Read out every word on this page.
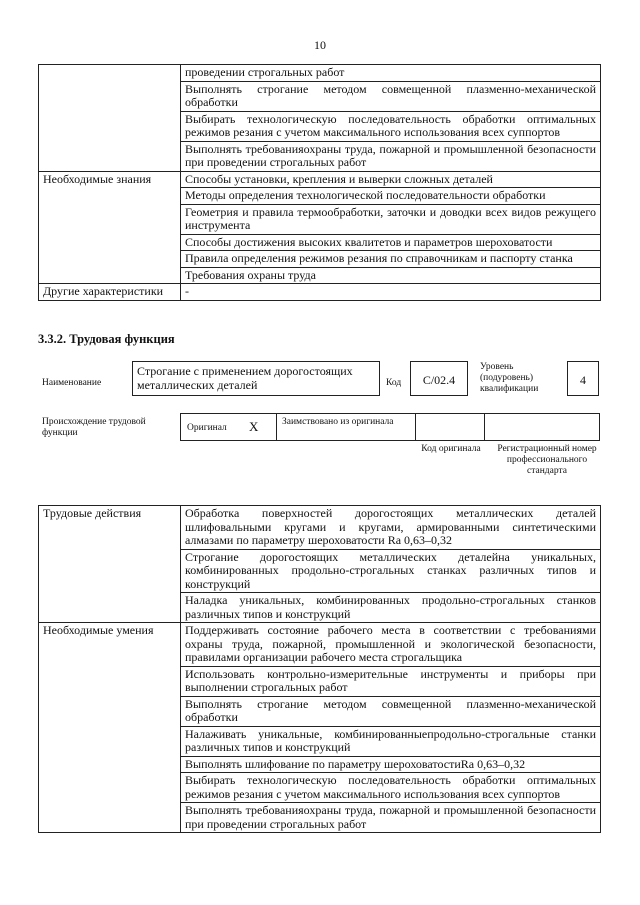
10
	проведении строгальных работ
	Выполнять строгание методом совмещенной плазменно-механической обработки
	Выбирать технологическую последовательность обработки оптимальных режимов резания с учетом максимального использования всех суппортов
	Выполнять требованияохраны труда, пожарной и промышленной безопасности при проведении строгальных работ
Необходимые знания	Способы установки, крепления и выверки сложных деталей
	Методы определения технологической последовательности обработки
	Геометрия и правила термообработки, заточки и доводки всех видов режущего инструмента
	Способы достижения высоких квалитетов и параметров шероховатости
	Правила определения режимов резания по справочникам и паспорту станка
	Требования охраны труда
Другие характеристики	-
3.3.2. Трудовая функция
Наименование
Строгание с применением дорогостоящих металлических деталей	Код	C/02.4
Уровень (подуровень) квалификации
4
Происхождение трудовой функции	Оригинал X Заимствовано из оригинала
Код оригинала Регистрационный номер профессионального стандарта
Трудовые действия	Обработка поверхностей дорогостоящих металлических деталей шлифовальными кругами и кругами, армированными синтетическими алмазами по параметру шероховатости Ra 0,63–0,32
	Строгание дорогостоящих металлических деталейна уникальных, комбинированных продольно-строгальных станках различных типов и конструкций
	Наладка уникальных, комбинированных продольно-строгальных станков различных типов и конструкций
Необходимые умения	Поддерживать состояние рабочего места в соответствии с требованиями охраны труда, пожарной, промышленной и экологической безопасности, правилами организации рабочего места строгальщика
	Использовать контрольно-измерительные инструменты и приборы при выполнении строгальных работ
	Выполнять строгание методом совмещенной плазменно-механической обработки
	Налаживать уникальные, комбинированныепродольно-строгальные станки различных типов и конструкций
	Выполнять шлифование по параметру шероховатостиRa 0,63–0,32
	Выбирать технологическую последовательность обработки оптимальных режимов резания с учетом максимального использования всех суппортов
	Выполнять требованияохраны труда, пожарной и промышленной безопасности при проведении строгальных работ
